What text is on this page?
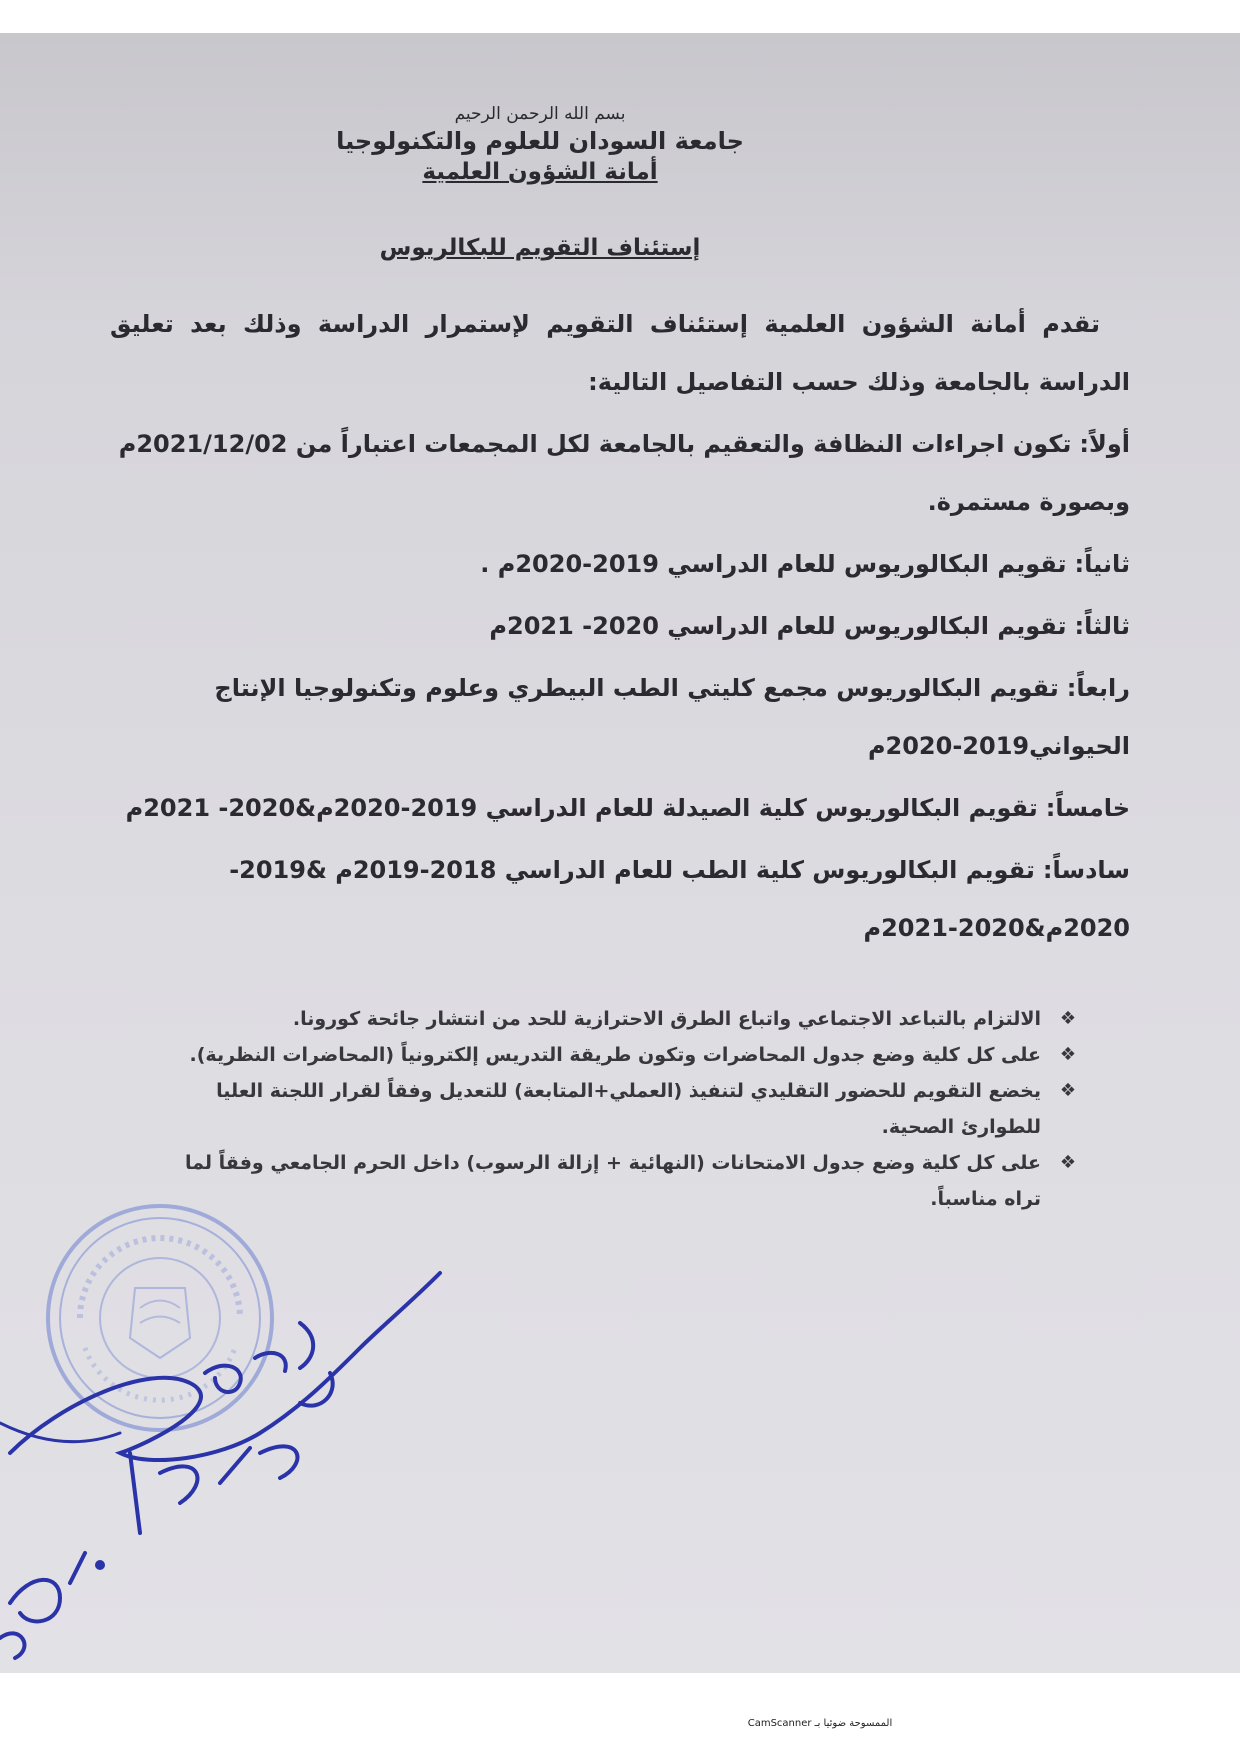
بسم الله الرحمن الرحيم
جامعة السودان للعلوم والتكنولوجيا
أمانة الشؤون العلمية
إستئناف التقويم للبكالريوس
تقدم أمانة الشؤون العلمية إستئناف التقويم لإستمرار الدراسة وذلك بعد تعليق الدراسة بالجامعة وذلك حسب التفاصيل التالية:
أولاً:تكون اجراءات النظافة والتعقيم بالجامعة لكل المجمعات اعتباراً من 2021/12/02م وبصورة مستمرة.
ثانياً:تقويم البكالوريوس للعام الدراسي 2019-2020م .
ثالثاً:تقويم البكالوريوس للعام الدراسي 2020- 2021م
رابعاً:تقويم البكالوريوس مجمع كليتي الطب البيطري وعلوم وتكنولوجيا الإنتاج الحيواني2019-2020م
خامساً:تقويم البكالوريوس كلية الصيدلة للعام الدراسي 2019-2020م&2020- 2021م
سادساً:تقويم البكالوريوس كلية الطب للعام الدراسي 2018-2019م &2019-2020م&2020-2021م
❖
الالتزام بالتباعد الاجتماعي واتباع الطرق الاحترازية للحد من انتشار جائحة كورونا.
❖
على كل كلية وضع جدول المحاضرات وتكون طريقة التدريس إلكترونياً (المحاضرات النظرية).
❖
يخضع التقويم للحضور التقليدي لتنفيذ (العملي+المتابعة) للتعديل وفقاً لقرار اللجنة العليا للطوارئ الصحية.
❖
على كل كلية وضع جدول الامتحانات (النهائية + إزالة الرسوب) داخل الحرم الجامعي وفقاً لما تراه مناسباً.
الممسوحة ضوئيا بـ CamScanner
